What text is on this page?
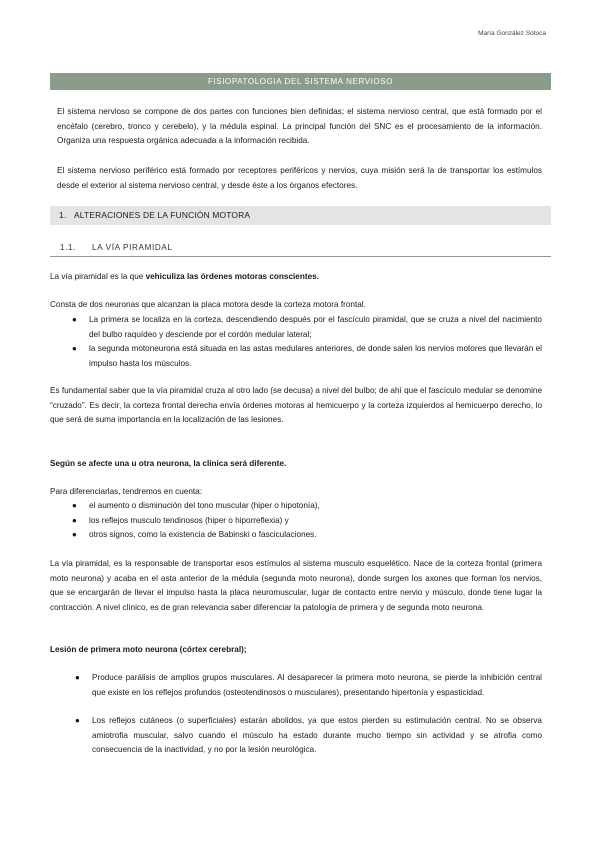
María González Sotoca
FISIOPATOLOGIA DEL SISTEMA NERVIOSO
El sistema nervioso se compone de dos partes con funciones bien definidas; el sistema nervioso central, que está formado por el encéfalo (cerebro, tronco y cerebelo), y la médula espinal. La principal función del SNC es el procesamiento de la información. Organiza una respuesta orgánica adecuada a la información recibida.
El sistema nervioso periférico está formado por receptores periféricos y nervios, cuya misión será la de transportar los estímulos desde el exterior al sistema nervioso central, y desde éste a los órganos efectores.
1. ALTERACIONES DE LA FUNCIÓN MOTORA
1.1. LA VÍA PIRAMIDAL
La vía piramidal es la que vehiculiza las órdenes motoras conscientes.
Consta de dos neuronas que alcanzan la placa motora desde la corteza motora frontal.
● La primera se localiza en la corteza, descendiendo después por el fascículo piramidal, que se cruza a nivel del nacimiento del bulbo raquídeo y desciende por el cordón medular lateral;
● la segunda motoneurona está situada en las astas medulares anteriores, de donde salen los nervios motores que llevarán el impulso hasta los músculos.
Es fundamental saber que la vía piramidal cruza al otro lado (se decusa) a nivel del bulbo; de ahí que el fascículo medular se denomine “cruzado”. Es decir, la corteza frontal derecha envía órdenes motoras al hemicuerpo y la corteza izquierdos al hemicuerpo derecho, lo que será de suma importancia en la localización de las lesiones.
Según se afecte una u otra neurona, la clínica será diferente.
Para diferenciarlas, tendremos en cuenta:
● el aumento o disminución del tono muscular (hiper o hipotonía),
● los reflejos musculo tendinosos (hiper o hiporreflexia) y
● otros signos, como la existencia de Babinski o fasciculaciones.
La vía piramidal, es la responsable de transportar esos estímulos al sistema musculo esquelético. Nace de la corteza frontal (primera moto neurona) y acaba en el asta anterior de la médula (segunda moto neurona), donde surgen los axones que forman los nervios, que se encargarán de llevar el impulso hasta la placa neuromuscular, lugar de contacto entre nervio y músculo, donde tiene lugar la contracción. A nivel clínico, es de gran relevancia saber diferenciar la patología de primera y de segunda moto neurona.
Lesión de primera moto neurona (córtex cerebral);
● Produce parálisis de amplios grupos musculares. Al desaparecer la primera moto neurona, se pierde la inhibición central que existe en los reflejos profundos (osteotendinosos o musculares), presentando hipertonía y espasticidad.
● Los reflejos cutáneos (o superficiales) estarán abolidos, ya que estos pierden su estimulación central. No se observa amiotrofia muscular, salvo cuando el músculo ha estado durante mucho tiempo sin actividad y se atrofia como consecuencia de la inactividad, y no por la lesión neurológica.
